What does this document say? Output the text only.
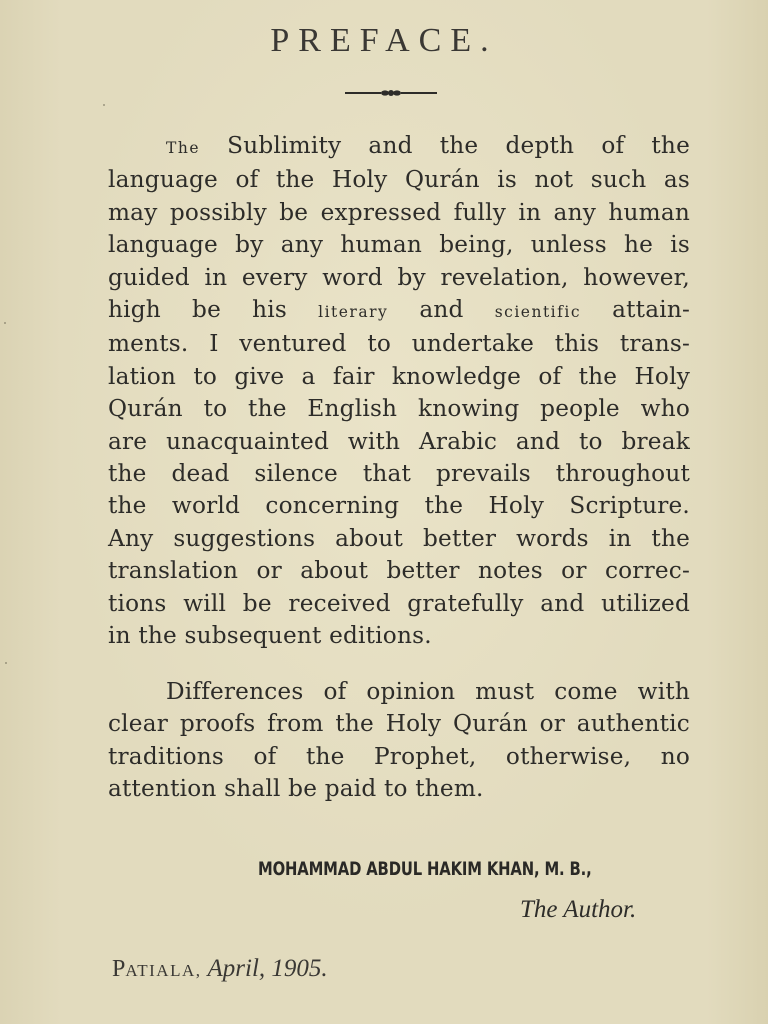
PREFACE.
The Sublimity and the depth of the
language of the Holy Qurán is not such as
may possibly be expressed fully in any human
language by any human being, unless he is
guided in every word by revelation, however,
high be his literary and scientific attain-
ments. I ventured to undertake this trans-
lation to give a fair knowledge of the Holy
Qurán to the English knowing people who
are unacquainted with Arabic and to break
the dead silence that prevails throughout
the world concerning the Holy Scripture.
Any suggestions about better words in the
translation or about better notes or correc-
tions will be received gratefully and utilized
in the subsequent editions.
Differences of opinion must come with
clear proofs from the Holy Qurán or authentic
traditions of the Prophet, otherwise, no
attention shall be paid to them.
MOHAMMAD ABDUL HAKIM KHAN, M. B.,
The Author.
PATIALA, April, 1905.
